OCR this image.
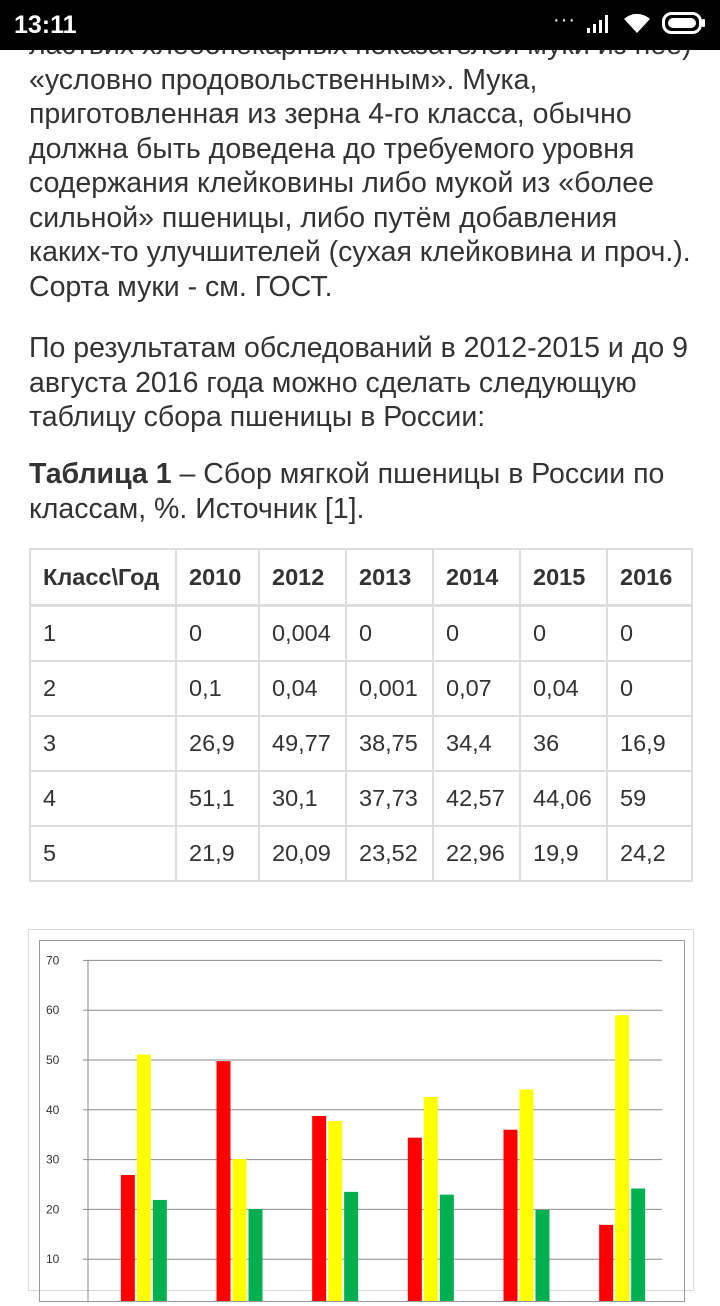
13:11	···

«условно продовольственным». Мука,
приготовленная из зерна 4-го класса, обычно
должна быть доведена до требуемого уровня
содержания клейковины либо мукой из «более
сильной» пшеницы, либо путём добавления
каких-то улучшителей (сухая клейковина и проч.).
Сорта муки - см. ГОСТ.

По результатам обследований в 2012-2015 и до 9
августа 2016 года можно сделать следующую
таблицу сбора пшеницы в России:

Таблица 1 – Сбор мягкой пшеницы в России по
классам, %. Источник [1].

Класс\Год	2010	2012	2013	2014	2015	2016
1	0	0,004	0	0	0	0
2	0,1	0,04	0,001	0,07	0,04	0
3	26,9	49,77	38,75	34,4	36	16,9
4	51,1	30,1	37,73	42,57	44,06	59
5	21,9	20,09	23,52	22,96	19,9	24,2
10
20
30
40
50
60
70
